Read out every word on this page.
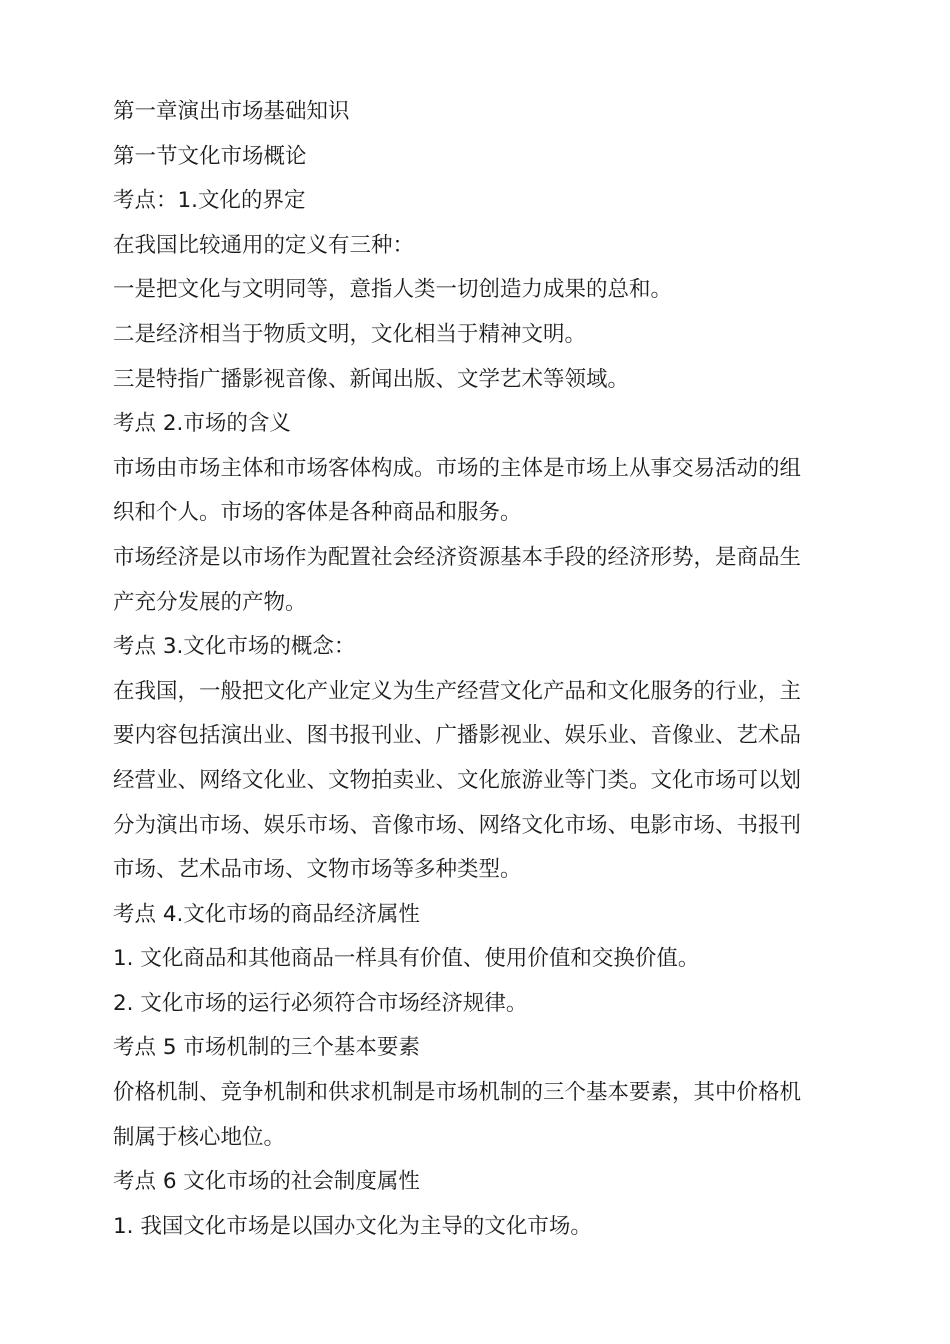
第一章演出市场基础知识

第一节文化市场概论

考点：1.文化的界定

在我国比较通用的定义有三种：

一是把文化与文明同等，意指人类一切创造力成果的总和。

二是经济相当于物质文明，文化相当于精神文明。

三是特指广播影视音像、新闻出版、文学艺术等领域。

考点 2.市场的含义

市场由市场主体和市场客体构成。市场的主体是市场上从事交易活动的组

织和个人。市场的客体是各种商品和服务。

市场经济是以市场作为配置社会经济资源基本手段的经济形势，是商品生

产充分发展的产物。

考点 3.文化市场的概念：

在我国，一般把文化产业定义为生产经营文化产品和文化服务的行业，主

要内容包括演出业、图书报刊业、广播影视业、娱乐业、音像业、艺术品

经营业、网络文化业、文物拍卖业、文化旅游业等门类。文化市场可以划

分为演出市场、娱乐市场、音像市场、网络文化市场、电影市场、书报刊

市场、艺术品市场、文物市场等多种类型。

考点 4.文化市场的商品经济属性

1. 文化商品和其他商品一样具有价值、使用价值和交换价值。

2. 文化市场的运行必须符合市场经济规律。

考点 5 市场机制的三个基本要素

价格机制、竞争机制和供求机制是市场机制的三个基本要素，其中价格机

制属于核心地位。

考点 6 文化市场的社会制度属性

1. 我国文化市场是以国办文化为主导的文化市场。
